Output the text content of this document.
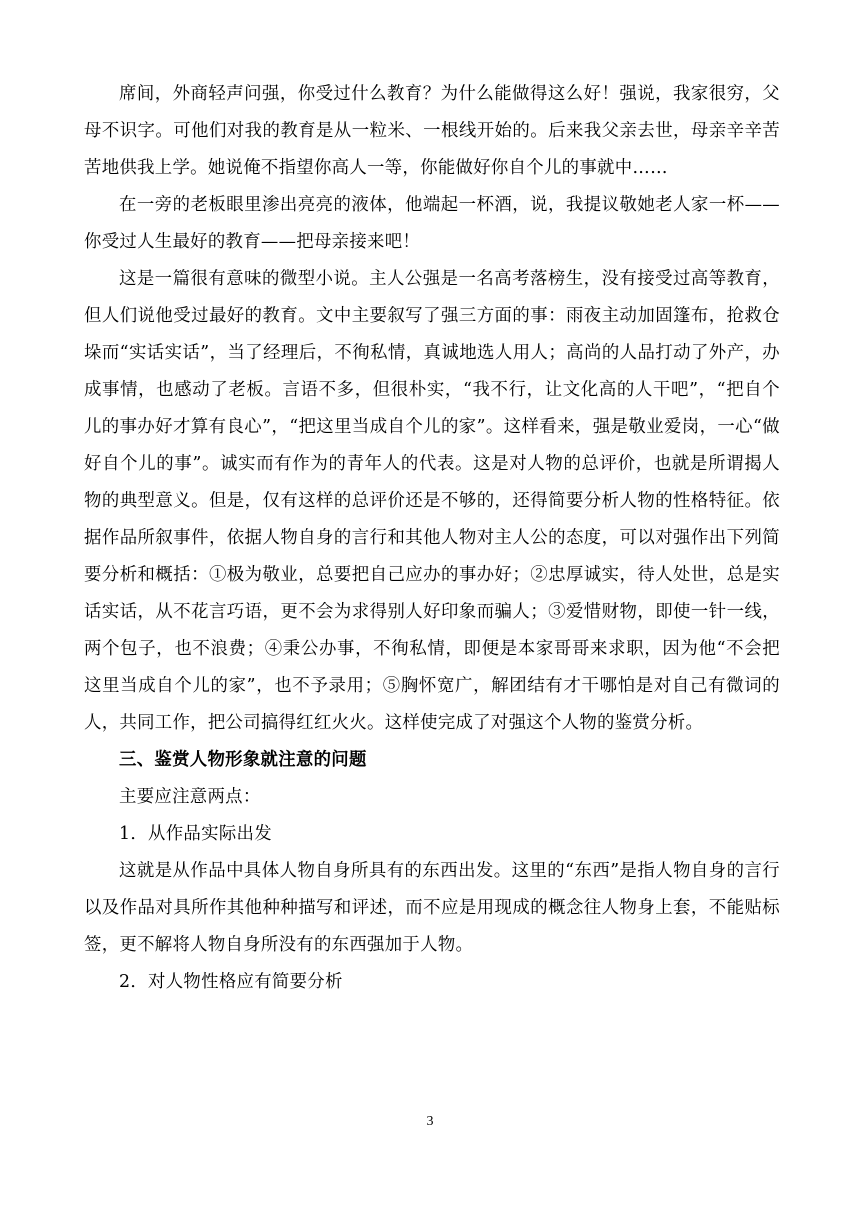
席间，外商轻声问强，你受过什么教育？为什么能做得这么好！强说，我家很穷，父母不识字。可他们对我的教育是从一粒米、一根线开始的。后来我父亲去世，母亲辛辛苦苦地供我上学。她说俺不指望你高人一等，你能做好你自个儿的事就中……

在一旁的老板眼里渗出亮亮的液体，他端起一杯酒，说，我提议敬她老人家一杯——你受过人生最好的教育——把母亲接来吧！

这是一篇很有意味的微型小说。主人公强是一名高考落榜生，没有接受过高等教育，但人们说他受过最好的教育。文中主要叙写了强三方面的事：雨夜主动加固篷布，抢救仓垛而“实话实话”，当了经理后，不徇私情，真诚地选人用人；高尚的人品打动了外产，办成事情，也感动了老板。言语不多，但很朴实，“我不行，让文化高的人干吧”，“把自个儿的事办好才算有良心”，“把这里当成自个儿的家”。这样看来，强是敬业爱岗，一心“做好自个儿的事”。诚实而有作为的青年人的代表。这是对人物的总评价，也就是所谓揭人物的典型意义。但是，仅有这样的总评价还是不够的，还得简要分析人物的性格特征。依据作品所叙事件，依据人物自身的言行和其他人物对主人公的态度，可以对强作出下列简要分析和概括：①极为敬业，总要把自己应办的事办好；②忠厚诚实，待人处世，总是实话实话，从不花言巧语，更不会为求得别人好印象而骗人；③爱惜财物，即使一针一线，两个包子，也不浪费；④秉公办事，不徇私情，即便是本家哥哥来求职，因为他“不会把这里当成自个儿的家”，也不予录用；⑤胸怀宽广，解团结有才干哪怕是对自己有微词的人，共同工作，把公司搞得红红火火。这样使完成了对强这个人物的鉴赏分析。

三、鉴赏人物形象就注意的问题

主要应注意两点：

1．从作品实际出发

这就是从作品中具体人物自身所具有的东西出发。这里的“东西”是指人物自身的言行以及作品对具所作其他种种描写和评述，而不应是用现成的概念往人物身上套，不能贴标签，更不解将人物自身所没有的东西强加于人物。

2．对人物性格应有简要分析

3
